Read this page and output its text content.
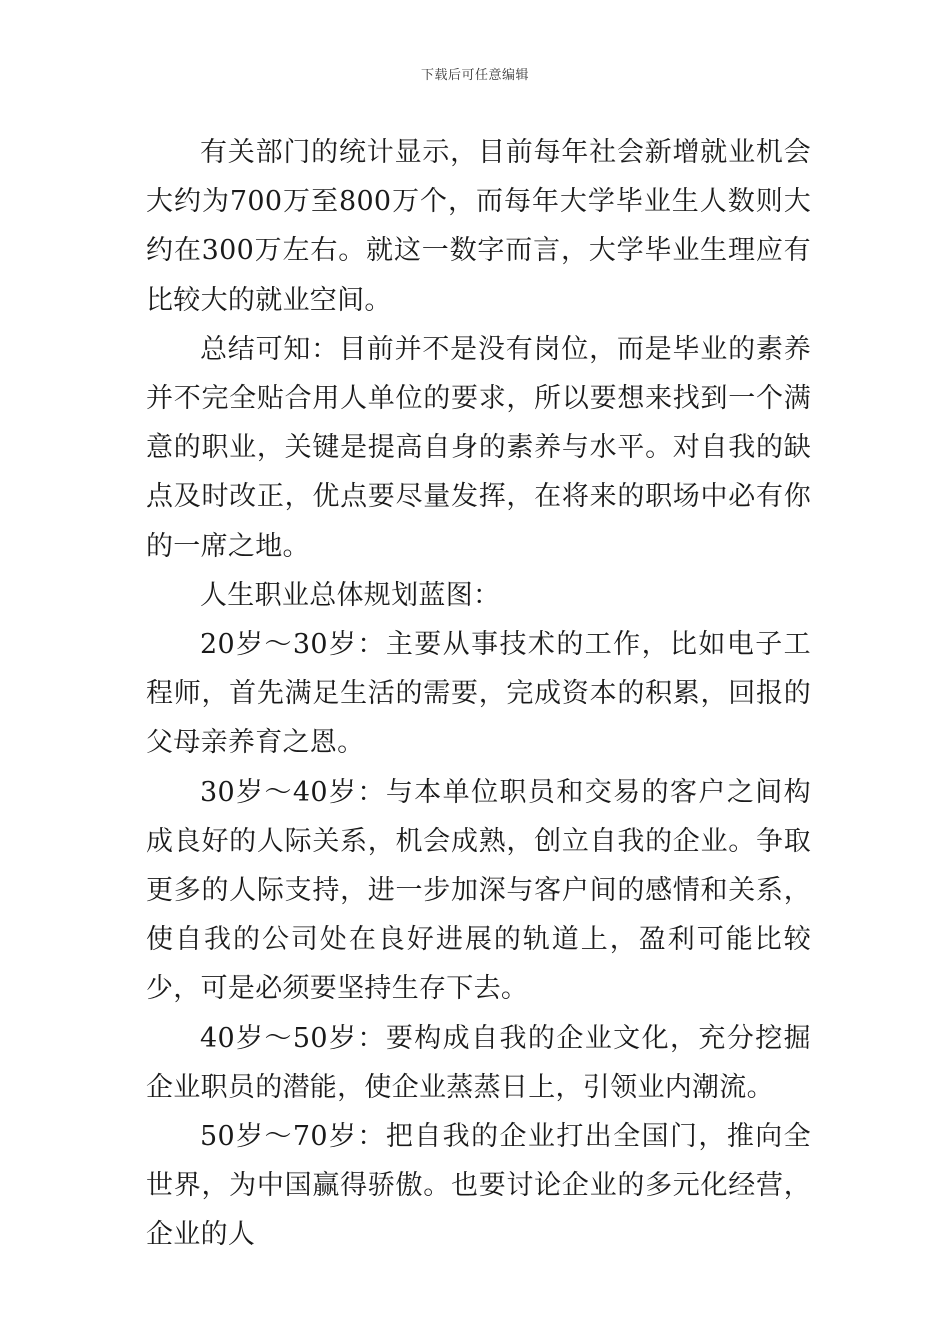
下载后可任意编辑

有关部门的统计显示，目前每年社会新增就业机会大约为700万至800万个，而每年大学毕业生人数则大约在300万左右。就这一数字而言，大学毕业生理应有比较大的就业空间。

总结可知：目前并不是没有岗位，而是毕业的素养并不完全贴合用人单位的要求，所以要想来找到一个满意的职业，关键是提高自身的素养与水平。对自我的缺点及时改正，优点要尽量发挥，在将来的职场中必有你的一席之地。

人生职业总体规划蓝图：

20岁～30岁：主要从事技术的工作，比如电子工程师，首先满足生活的需要，完成资本的积累，回报的父母亲养育之恩。

30岁～40岁：与本单位职员和交易的客户之间构成良好的人际关系，机会成熟，创立自我的企业。争取更多的人际支持，进一步加深与客户间的感情和关系，使自我的公司处在良好进展的轨道上，盈利可能比较少，可是必须要坚持生存下去。

40岁～50岁：要构成自我的企业文化，充分挖掘企业职员的潜能，使企业蒸蒸日上，引领业内潮流。

50岁～70岁：把自我的企业打出全国门，推向全世界，为中国赢得骄傲。也要讨论企业的多元化经营，企业的人
